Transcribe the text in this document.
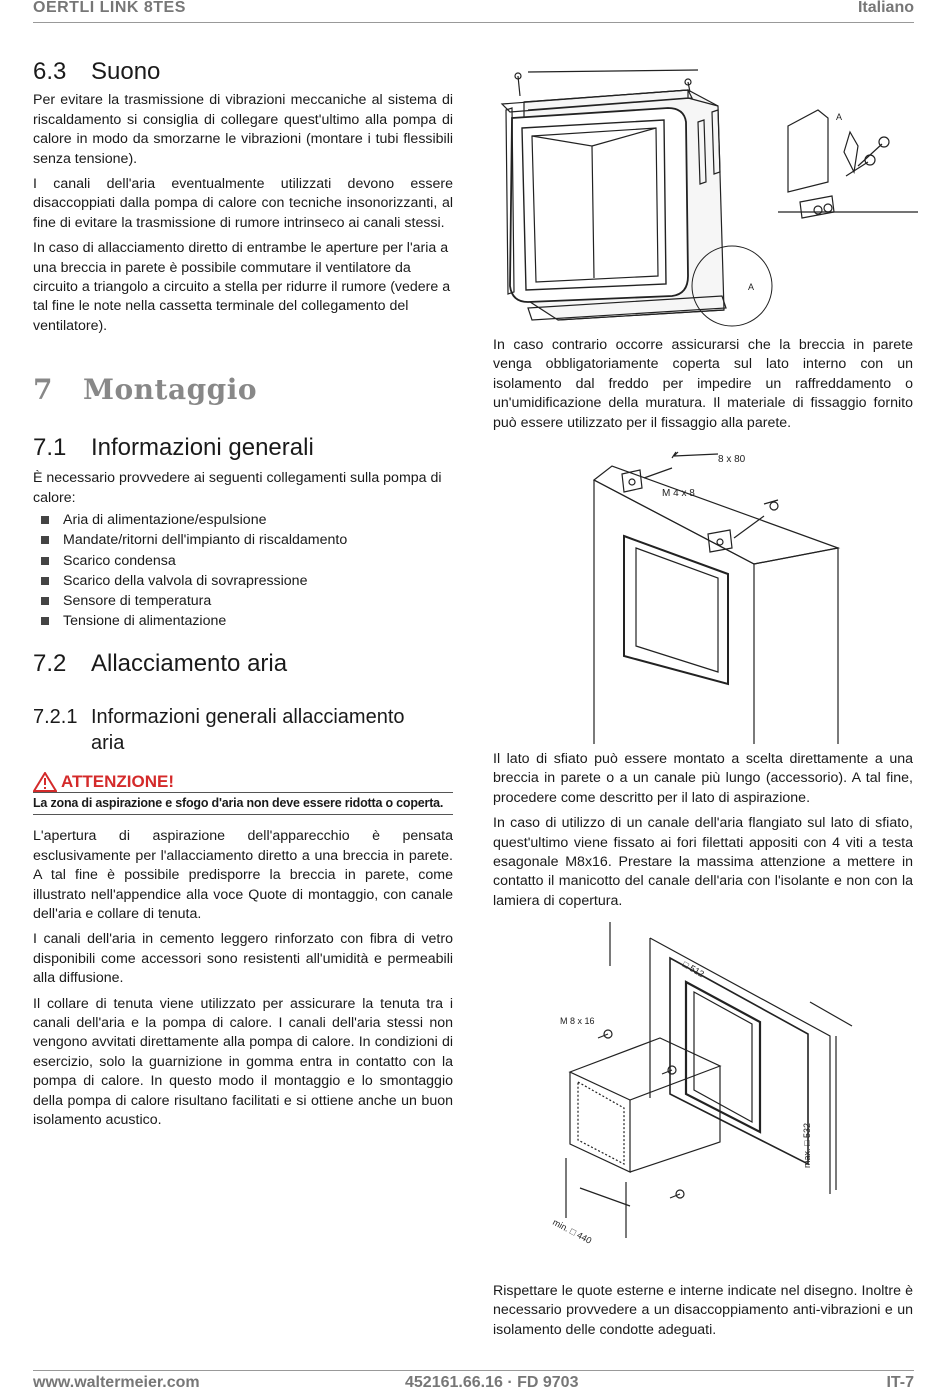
OERTLI LINK 8TES	Italiano
6.3 Suono

Per evitare la trasmissione di vibrazioni meccaniche al sistema di riscaldamento si consiglia di collegare quest'ultimo alla pompa di calore in modo da smorzarne le vibrazioni (montare i tubi flessibili senza tensione).

I canali dell'aria eventualmente utilizzati devono essere disaccoppiati dalla pompa di calore con tecniche insonorizzanti, al fine di evitare la trasmissione di rumore intrinseco ai canali stessi.

In caso di allacciamento diretto di entrambe le aperture per l'aria a una breccia in parete è possibile commutare il ventilatore da circuito a triangolo a circuito a stella per ridurre il rumore (vedere a tal fine le note nella cassetta terminale del collegamento del ventilatore).

7 Montaggio
7.1 Informazioni generali

È necessario provvedere ai seguenti collegamenti sulla pompa di calore:

Aria di alimentazione/espulsione
Mandate/ritorni dell'impianto di riscaldamento
Scarico condensa
Scarico della valvola di sovrapressione
Sensore di temperatura
Tensione di alimentazione
7.2 Allacciamento aria
7.2.1 Informazioni generali allacciamento
aria
ATTENZIONE!
La zona di aspirazione e sfogo d'aria non deve essere ridotta o coperta.

L'apertura di aspirazione dell'apparecchio è pensata esclusivamente per l'allacciamento diretto a una breccia in parete. A tal fine è possibile predisporre la breccia in parete, come illustrato nell'appendice alla voce Quote di montaggio, con canale dell'aria e collare di tenuta.

I canali dell'aria in cemento leggero rinforzato con fibra di vetro disponibili come accessori sono resistenti all'umidità e permeabili alla diffusione.

Il collare di tenuta viene utilizzato per assicurare la tenuta tra i canali dell'aria e la pompa di calore. I canali dell'aria stessi non vengono avvitati direttamente alla pompa di calore. In condizioni di esercizio, solo la guarnizione in gomma entra in contatto con la pompa di calore. In questo modo il montaggio e lo smontaggio della pompa di calore risultano facilitati e si ottiene anche un buon isolamento acustico.

A
A

In caso contrario occorre assicurarsi che la breccia in parete venga obbligatoriamente coperta sul lato interno con un isolamento dal freddo per impedire un raffreddamento o un'umidificazione della muratura. Il materiale di fissaggio fornito può essere utilizzato per il fissaggio alla parete.

8 x 80
M 4 x 8

Il lato di sfiato può essere montato a scelta direttamente a una breccia in parete o a un canale più lungo (accessorio). A tal fine, procedere come descritto per il lato di aspirazione.

In caso di utilizzo di un canale dell'aria flangiato sul lato di sfiato, quest'ultimo viene fissato ai fori filettati appositi con 4 viti a testa esagonale M8x16. Prestare la massima attenzione a mettere in contatto il manicotto del canale dell'aria con l'isolante e non con la lamiera di copertura.

M 8 x 16
□ 512
max. □ 532
min. □ 440

Rispettare le quote esterne e interne indicate nel disegno. Inoltre è necessario provvedere a un disaccoppiamento anti-vibrazioni e un isolamento delle condotte adeguati.

www.waltermeier.com	452161.66.16 · FD 9703	IT-7
